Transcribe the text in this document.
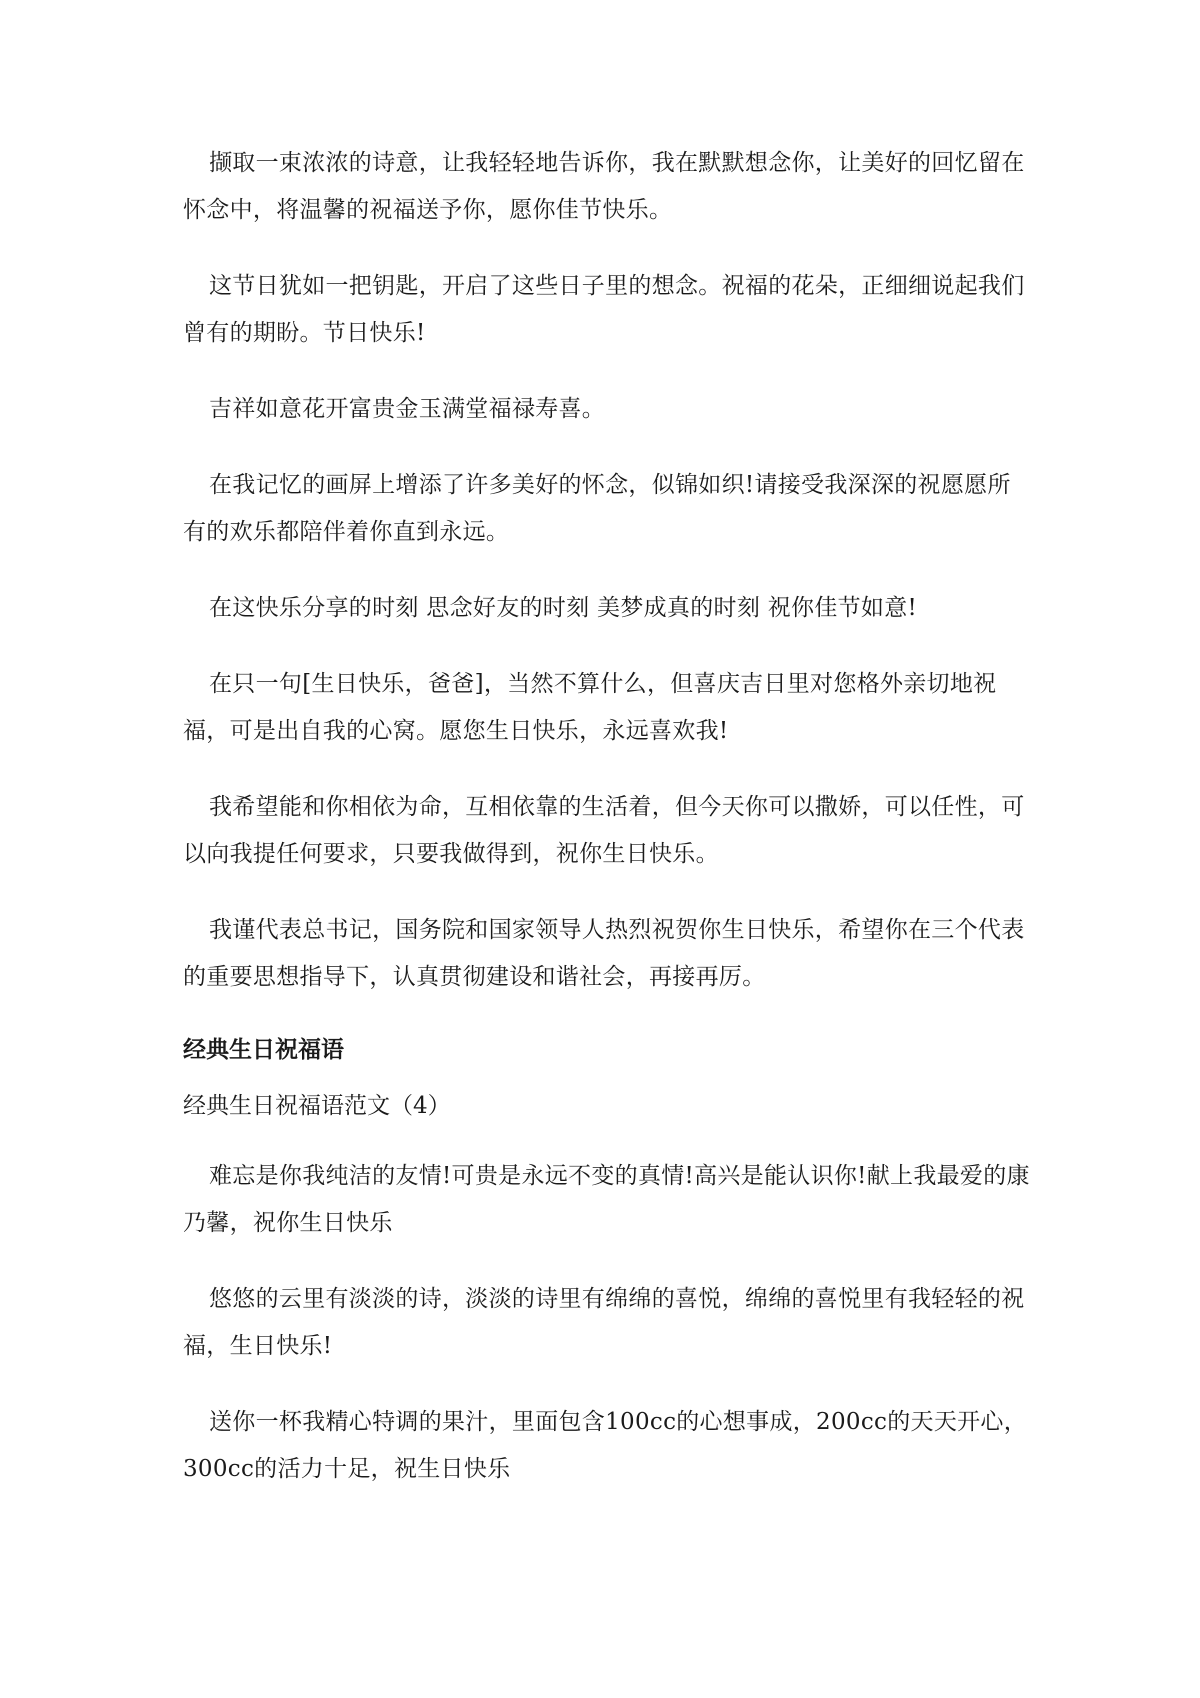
撷取一束浓浓的诗意，让我轻轻地告诉你，我在默默想念你，让美好的回忆留在怀念中，将温馨的祝福送予你，愿你佳节快乐。

这节日犹如一把钥匙，开启了这些日子里的想念。祝福的花朵，正细细说起我们曾有的期盼。节日快乐!

吉祥如意花开富贵金玉满堂福禄寿喜。

在我记忆的画屏上增添了许多美好的怀念，似锦如织!请接受我深深的祝愿愿所有的欢乐都陪伴着你直到永远。

在这快乐分享的时刻 思念好友的时刻 美梦成真的时刻 祝你佳节如意!

在只一句[生日快乐，爸爸]，当然不算什么，但喜庆吉日里对您格外亲切地祝福，可是出自我的心窝。愿您生日快乐，永远喜欢我!

我希望能和你相依为命，互相依靠的生活着，但今天你可以撒娇，可以任性，可以向我提任何要求，只要我做得到，祝你生日快乐。

我谨代表总书记，国务院和国家领导人热烈祝贺你生日快乐，希望你在三个代表的重要思想指导下，认真贯彻建设和谐社会，再接再厉。

经典生日祝福语
经典生日祝福语范文（4）

难忘是你我纯洁的友情!可贵是永远不变的真情!高兴是能认识你!献上我最爱的康乃馨，祝你生日快乐

悠悠的云里有淡淡的诗，淡淡的诗里有绵绵的喜悦，绵绵的喜悦里有我轻轻的祝福，生日快乐!

送你一杯我精心特调的果汁，里面包含100cc的心想事成，200cc的天天开心，300cc的活力十足，祝生日快乐
